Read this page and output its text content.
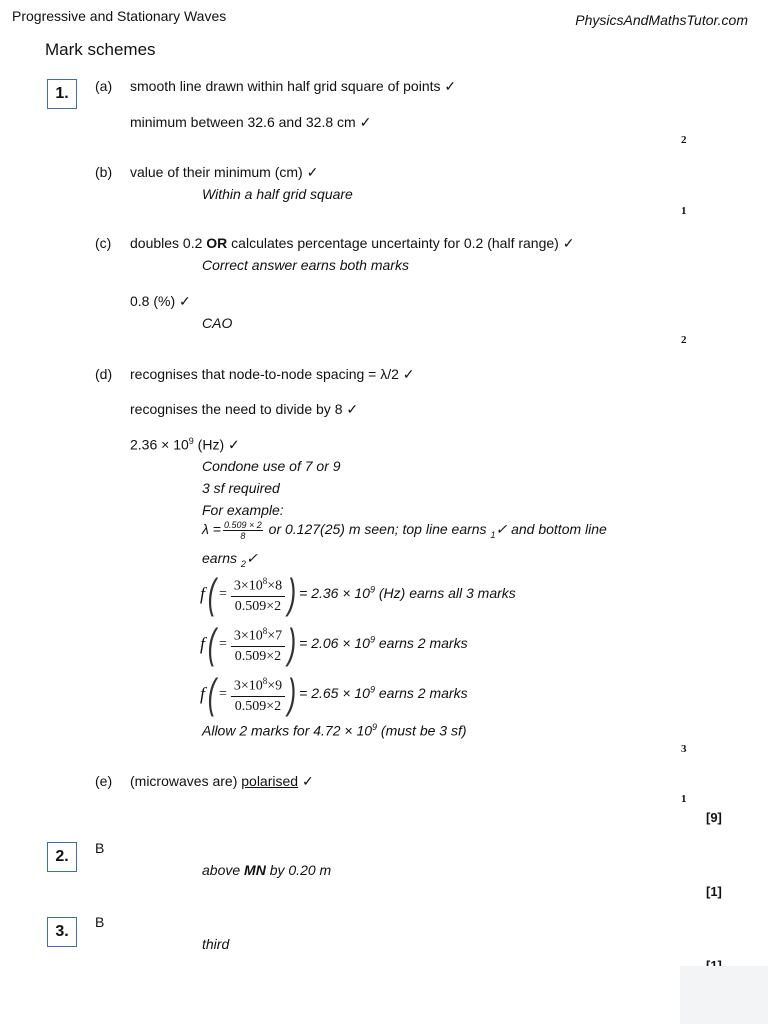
Progressive and Stationary Waves	PhysicsAndMathsTutor.com
Mark schemes
1.	(a) smooth line drawn within half grid square of points ✓
minimum between 32.6 and 32.8 cm ✓
2
(b) value of their minimum (cm) ✓
Within a half grid square
1
(c) doubles 0.2 OR calculates percentage uncertainty for 0.2 (half range) ✓
Correct answer earns both marks
0.8 (%) ✓
CAO
2
(d) recognises that node-to-node spacing = λ/2 ✓
recognises the need to divide by 8 ✓
$2.36 \times 10^9$ (Hz) ✓
Condone use of 7 or 9
3 sf required
For example:
$\lambda = \frac{0.509 \times 2}{8}$ or 0.127(25) m seen; top line earns $_1$✓ and bottom line
earns $_2$✓
$f( = \frac{3\times 10^8\times 8}{0.509\times 2}$ ) = $2.36 \times 10^9$ (Hz) earns all 3 marks
$f( = \frac{3\times 10^8\times 7}{0.509\times 2}$ ) = $2.06 \times 10^9$ earns 2 marks
$f( = \frac{3\times 10^8\times 9}{0.509\times 2}$ ) = $2.65 \times 10^9$ earns 2 marks
Allow 2 marks for $4.72 \times 10^9$ (must be 3 sf)
3
(e) (microwaves are) polarised ✓
1
[9]
2.	B
above MN by 0.20 m
[1]
3.
B
third
